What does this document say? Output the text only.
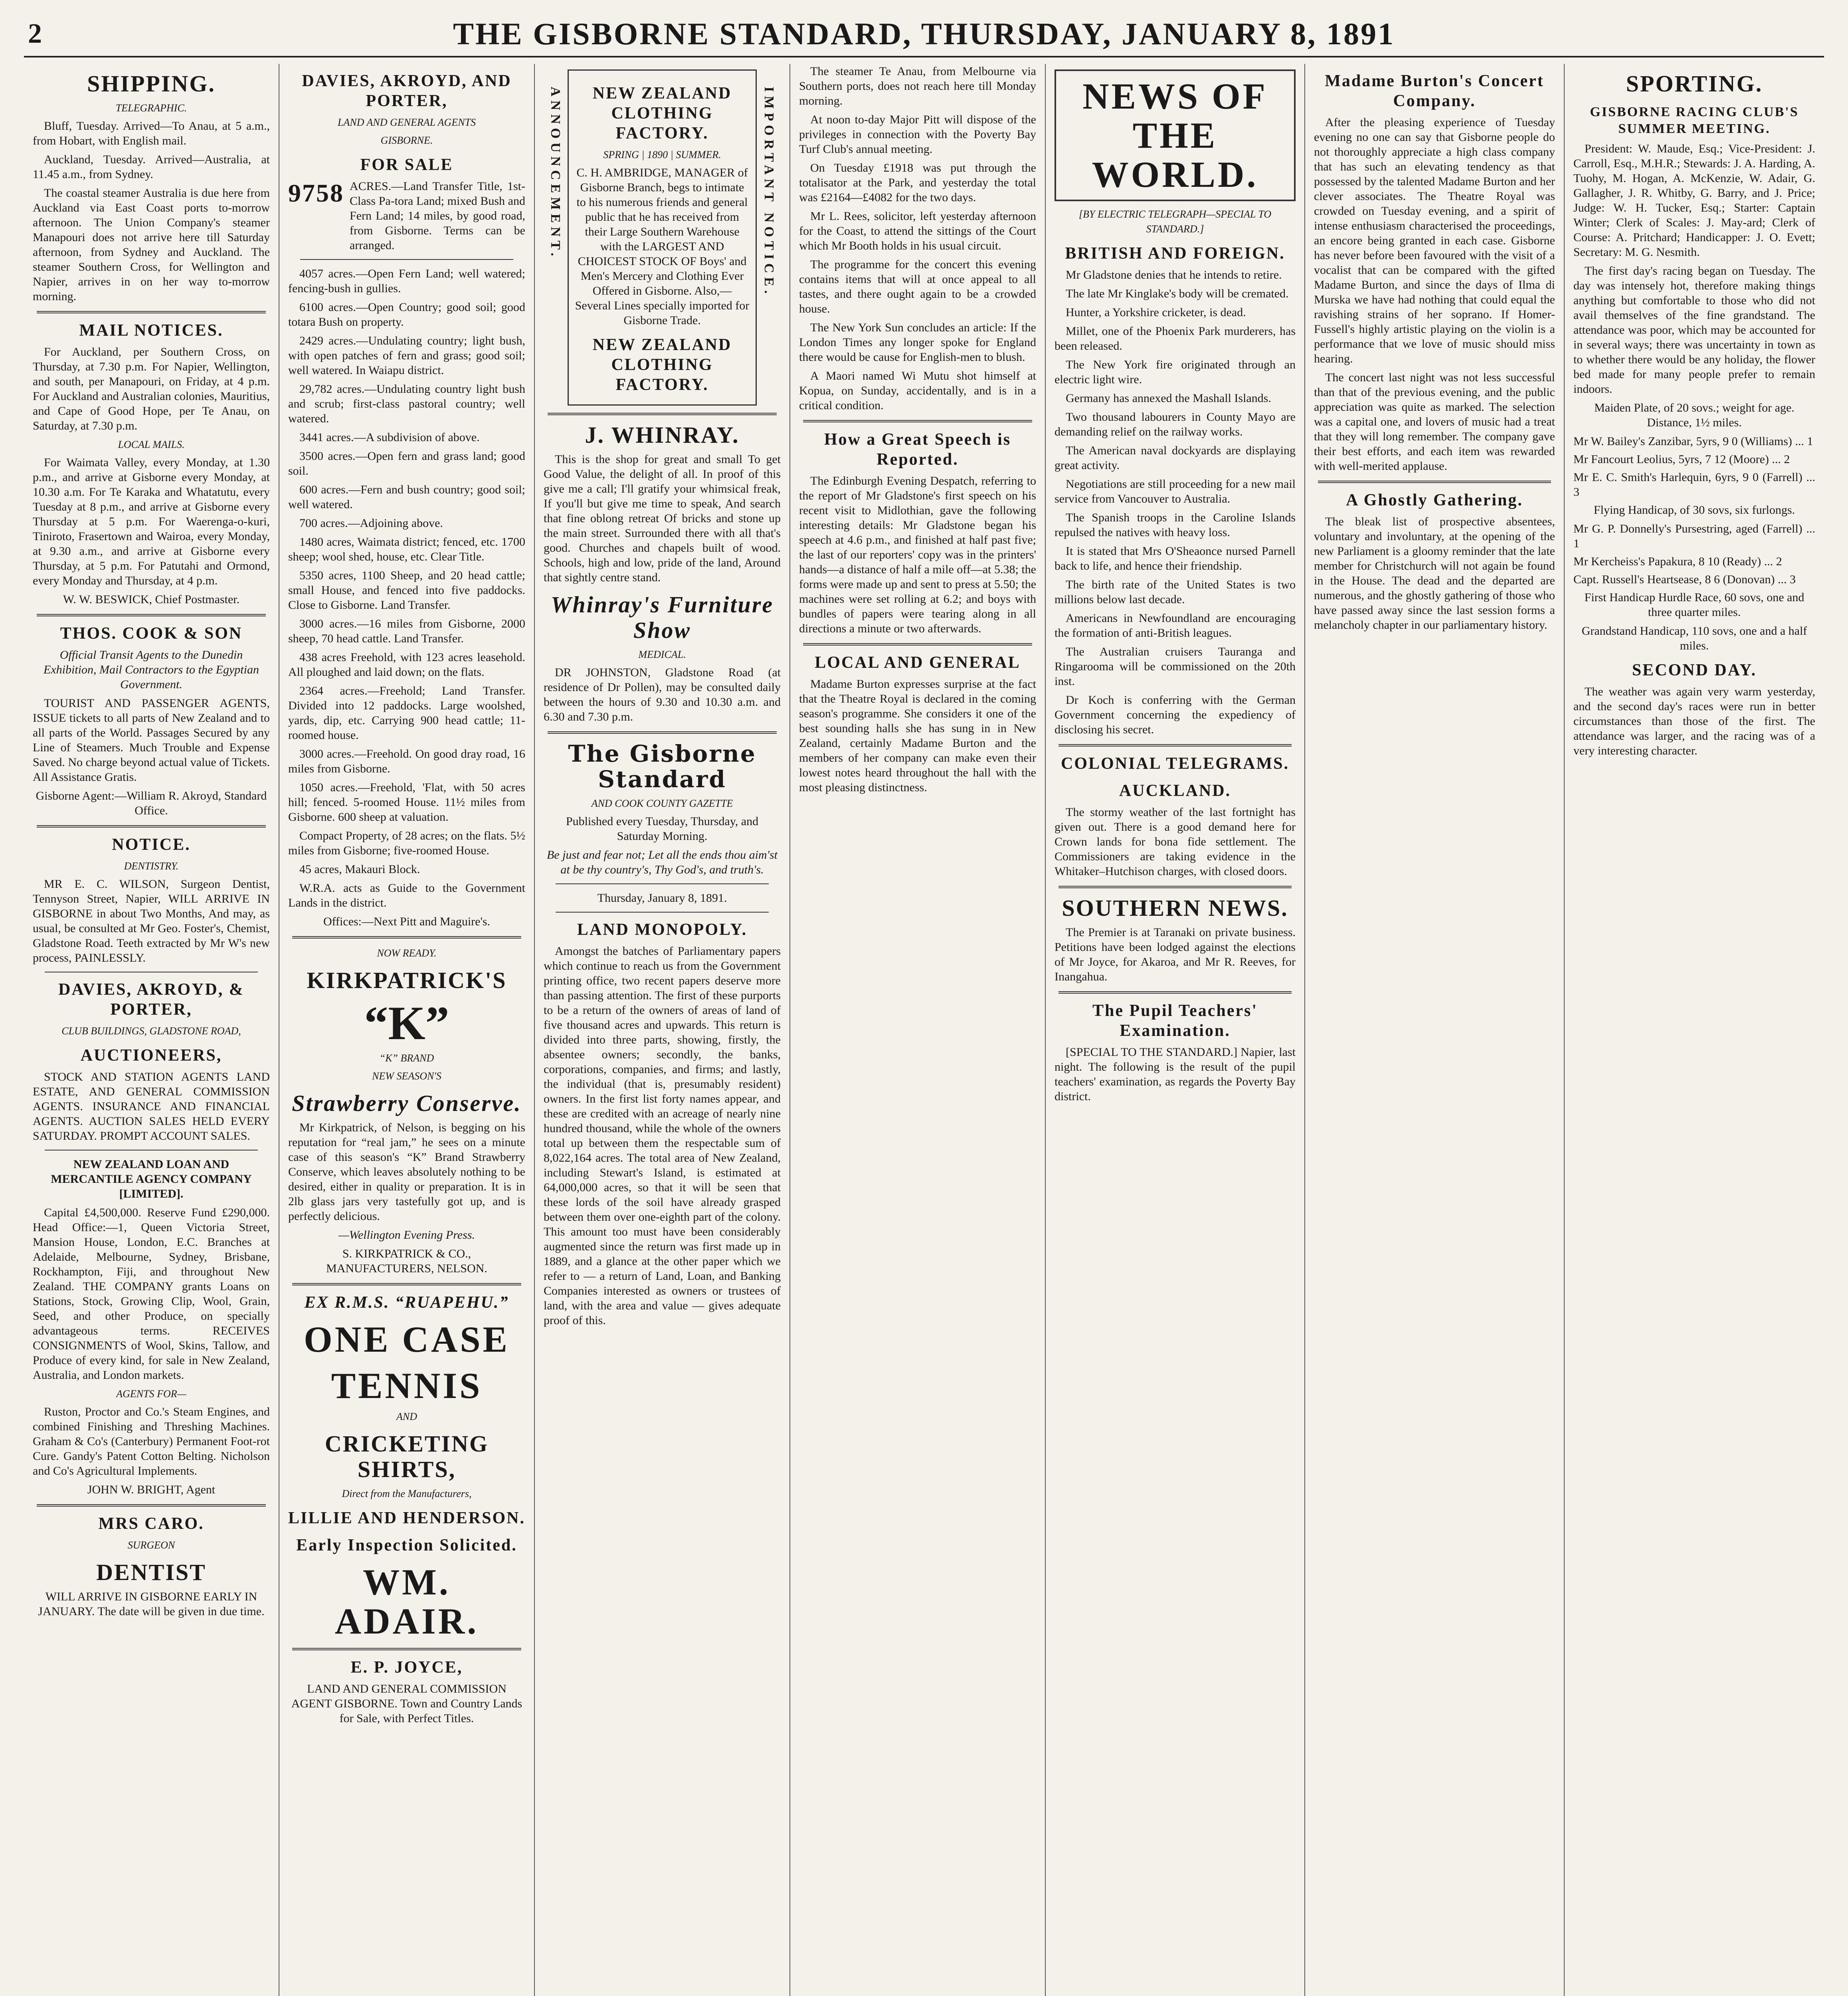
2	THE GISBORNE STANDARD, THURSDAY, JANUARY 8, 1891
SHIPPING.
TELEGRAPHIC.

Bluff, Tuesday. Arrived—To Anau, at 5 a.m., from Hobart, with English mail.

Auckland, Tuesday. Arrived—Australia, at 11.45 a.m., from Sydney.

The coastal steamer Australia is due here from Auckland via East Coast ports to-morrow afternoon. The Union Company's steamer Manapouri does not arrive here till Saturday afternoon, from Sydney and Auckland. The steamer Southern Cross, for Wellington and Napier, arrives in on her way to-morrow morning.

MAIL NOTICES.

For Auckland, per Southern Cross, on Thursday, at 7.30 p.m. For Napier, Wellington, and south, per Manapouri, on Friday, at 4 p.m. For Auckland and Australian colonies, Mauritius, and Cape of Good Hope, per Te Anau, on Saturday, at 7.30 p.m.

LOCAL MAILS.

For Waimata Valley, every Monday, at 1.30 p.m., and arrive at Gisborne every Monday, at 10.30 a.m. For Te Karaka and Whatatutu, every Tuesday at 8 p.m., and arrive at Gisborne every Thursday at 5 p.m. For Waerenga-o-kuri, Tiniroto, Frasertown and Wairoa, every Monday, at 9.30 a.m., and arrive at Gisborne every Thursday, at 5 p.m. For Patutahi and Ormond, every Monday and Thursday, at 4 p.m.

W. W. BESWICK, Chief Postmaster.

THOS. COOK & SON

Official Transit Agents to the Dunedin Exhibition, Mail Contractors to the Egyptian Government.

TOURIST AND PASSENGER AGENTS, ISSUE tickets to all parts of New Zealand and to all parts of the World. Passages Secured by any Line of Steamers. Much Trouble and Expense Saved. No charge beyond actual value of Tickets. All Assistance Gratis.

Gisborne Agent:—William R. Akroyd, Standard Office.

NOTICE.
DENTISTRY.

MR E. C. WILSON, Surgeon Dentist, Tennyson Street, Napier, WILL ARRIVE IN GISBORNE in about Two Months, And may, as usual, be consulted at Mr Geo. Foster's, Chemist, Gladstone Road. Teeth extracted by Mr W's new process, PAINLESSLY.

DAVIES, AKROYD, & PORTER,
CLUB BUILDINGS, GLADSTONE ROAD,
AUCTIONEERS,

STOCK AND STATION AGENTS LAND ESTATE, AND GENERAL COMMISSION AGENTS. INSURANCE AND FINANCIAL AGENTS. AUCTION SALES HELD EVERY SATURDAY. PROMPT ACCOUNT SALES.

NEW ZEALAND LOAN AND MERCANTILE AGENCY COMPANY [LIMITED].

Capital £4,500,000. Reserve Fund £290,000. Head Office:—1, Queen Victoria Street, Mansion House, London, E.C. Branches at Adelaide, Melbourne, Sydney, Brisbane, Rockhampton, Fiji, and throughout New Zealand. THE COMPANY grants Loans on Stations, Stock, Growing Clip, Wool, Grain, Seed, and other Produce, on specially advantageous terms. RECEIVES CONSIGNMENTS of Wool, Skins, Tallow, and Produce of every kind, for sale in New Zealand, Australia, and London markets.

AGENTS FOR—

Ruston, Proctor and Co.'s Steam Engines, and combined Finishing and Threshing Machines. Graham & Co's (Canterbury) Permanent Foot-rot Cure. Gandy's Patent Cotton Belting. Nicholson and Co's Agricultural Implements.

JOHN W. BRIGHT, Agent

MRS CARO.
SURGEON
DENTIST

WILL ARRIVE IN GISBORNE EARLY IN JANUARY. The date will be given in due time.

DAVIES, AKROYD, AND PORTER,
LAND AND GENERAL AGENTS
GISBORNE.
FOR SALE
9758 ACRES.—Land Transfer Title, 1st-Class Pa-tora Land; mixed Bush and Fern Land; 14 miles, by good road, from Gisborne. Terms can be arranged.

4057 acres.—Open Fern Land; well watered; fencing-bush in gullies.

6100 acres.—Open Country; good soil; good totara Bush on property.

2429 acres.—Undulating country; light bush, with open patches of fern and grass; good soil; well watered. In Waiapu district.

29,782 acres.—Undulating country light bush and scrub; first-class pastoral country; well watered.

3441 acres.—A subdivision of above.

3500 acres.—Open fern and grass land; good soil.

600 acres.—Fern and bush country; good soil; well watered.

700 acres.—Adjoining above.

1480 acres, Waimata district; fenced, etc. 1700 sheep; wool shed, house, etc. Clear Title.

5350 acres, 1100 Sheep, and 20 head cattle; small House, and fenced into five paddocks. Close to Gisborne. Land Transfer.

3000 acres.—16 miles from Gisborne, 2000 sheep, 70 head cattle. Land Transfer.

438 acres Freehold, with 123 acres leasehold. All ploughed and laid down; on the flats.

2364 acres.—Freehold; Land Transfer. Divided into 12 paddocks. Large woolshed, yards, dip, etc. Carrying 900 head cattle; 11-roomed house.

3000 acres.—Freehold. On good dray road, 16 miles from Gisborne.

1050 acres.—Freehold, 'Flat, with 50 acres hill; fenced. 5-roomed House. 11½ miles from Gisborne. 600 sheep at valuation.

Compact Property, of 28 acres; on the flats. 5½ miles from Gisborne; five-roomed House.

45 acres, Makauri Block.

W.R.A. acts as Guide to the Government Lands in the district.

Offices:—Next Pitt and Maguire's.

NOW READY.
KIRKPATRICK'S
“K”
“K” BRAND
NEW SEASON'S
Strawberry Conserve.

Mr Kirkpatrick, of Nelson, is begging on his reputation for “real jam,” he sees on a minute case of this season's “K” Brand Strawberry Conserve, which leaves absolutely nothing to be desired, either in quality or preparation. It is in 2lb glass jars very tastefully got up, and is perfectly delicious.

—Wellington Evening Press.

S. KIRKPATRICK & CO., MANUFACTURERS, NELSON.

EX R.M.S. “RUAPEHU.”
ONE CASE
TENNIS
AND
CRICKETING SHIRTS,
Direct from the Manufacturers,
LILLIE AND HENDERSON.
Early Inspection Solicited.
WM. ADAIR.
E. P. JOYCE,

LAND AND GENERAL COMMISSION AGENT GISBORNE. Town and Country Lands for Sale, with Perfect Titles.

ANNOUNCEMENT.	IMPORTANT NOTICE.
NEW ZEALAND CLOTHING FACTORY.
SPRING | 1890 | SUMMER.

C. H. AMBRIDGE, MANAGER of Gisborne Branch, begs to intimate to his numerous friends and general public that he has received from their Large Southern Warehouse with the LARGEST AND CHOICEST STOCK OF Boys' and Men's Mercery and Clothing Ever Offered in Gisborne. Also,— Several Lines specially imported for Gisborne Trade.

NEW ZEALAND CLOTHING FACTORY.
J. WHINRAY.

This is the shop for great and small To get Good Value, the delight of all. In proof of this give me a call; I'll gratify your whimsical freak, If you'll but give me time to speak, And search that fine oblong retreat Of bricks and stone up the main street. Surrounded there with all that's good. Churches and chapels built of wood. Schools, high and low, pride of the land, Around that sightly centre stand.

Whinray's Furniture Show
MEDICAL.

DR JOHNSTON, Gladstone Road (at residence of Dr Pollen), may be consulted daily between the hours of 9.30 and 10.30 a.m. and 6.30 and 7.30 p.m.

The Gisborne Standard
AND COOK COUNTY GAZETTE

Published every Tuesday, Thursday, and Saturday Morning.

Be just and fear not; Let all the ends thou aim'st at be thy country's, Thy God's, and truth's.

Thursday, January 8, 1891.

LAND MONOPOLY.

Amongst the batches of Parliamentary papers which continue to reach us from the Government printing office, two recent papers deserve more than passing attention. The first of these purports to be a return of the owners of areas of land of five thousand acres and upwards. This return is divided into three parts, showing, firstly, the absentee owners; secondly, the banks, corporations, companies, and firms; and lastly, the individual (that is, presumably resident) owners. In the first list forty names appear, and these are credited with an acreage of nearly nine hundred thousand, while the whole of the owners total up between them the respectable sum of 8,022,164 acres. The total area of New Zealand, including Stewart's Island, is estimated at 64,000,000 acres, so that it will be seen that these lords of the soil have already grasped between them over one-eighth part of the colony. This amount too must have been considerably augmented since the return was first made up in 1889, and a glance at the other paper which we refer to — a return of Land, Loan, and Banking Companies interested as owners or trustees of land, with the area and value — gives adequate proof of this.

The steamer Te Anau, from Melbourne via Southern ports, does not reach here till Monday morning.

At noon to-day Major Pitt will dispose of the privileges in connection with the Poverty Bay Turf Club's annual meeting.

On Tuesday £1918 was put through the totalisator at the Park, and yesterday the total was £2164—£4082 for the two days.

Mr L. Rees, solicitor, left yesterday afternoon for the Coast, to attend the sittings of the Court which Mr Booth holds in his usual circuit.

The programme for the concert this evening contains items that will at once appeal to all tastes, and there ought again to be a crowded house.

The New York Sun concludes an article: If the London Times any longer spoke for England there would be cause for English-men to blush.

A Maori named Wi Mutu shot himself at Kopua, on Sunday, accidentally, and is in a critical condition.

How a Great Speech is Reported.

The Edinburgh Evening Despatch, referring to the report of Mr Gladstone's first speech on his recent visit to Midlothian, gave the following interesting details: Mr Gladstone began his speech at 4.6 p.m., and finished at half past five; the last of our reporters' copy was in the printers' hands—a distance of half a mile off—at 5.38; the forms were made up and sent to press at 5.50; the machines were set rolling at 6.2; and boys with bundles of papers were tearing along in all directions a minute or two afterwards.

LOCAL AND GENERAL

Madame Burton expresses surprise at the fact that the Theatre Royal is declared in the coming season's programme. She considers it one of the best sounding halls she has sung in in New Zealand, certainly Madame Burton and the members of her company can make even their lowest notes heard throughout the hall with the most pleasing distinctness.

NEWS OF THE WORLD.
[BY ELECTRIC TELEGRAPH—SPECIAL TO STANDARD.]
BRITISH AND FOREIGN.

Mr Gladstone denies that he intends to retire.

The late Mr Kinglake's body will be cremated.

Hunter, a Yorkshire cricketer, is dead.

Millet, one of the Phoenix Park murderers, has been released.

The New York fire originated through an electric light wire.

Germany has annexed the Mashall Islands.

Two thousand labourers in County Mayo are demanding relief on the railway works.

The American naval dockyards are displaying great activity.

Negotiations are still proceeding for a new mail service from Vancouver to Australia.

The Spanish troops in the Caroline Islands repulsed the natives with heavy loss.

It is stated that Mrs O'Sheaonce nursed Parnell back to life, and hence their friendship.

The birth rate of the United States is two millions below last decade.

Americans in Newfoundland are encouraging the formation of anti-British leagues.

The Australian cruisers Tauranga and Ringarooma will be commissioned on the 20th inst.

Dr Koch is conferring with the German Government concerning the expediency of disclosing his secret.

COLONIAL TELEGRAMS.
AUCKLAND.

The stormy weather of the last fortnight has given out. There is a good demand here for Crown lands for bona fide settlement. The Commissioners are taking evidence in the Whitaker–Hutchison charges, with closed doors.

SOUTHERN NEWS.

The Premier is at Taranaki on private business. Petitions have been lodged against the elections of Mr Joyce, for Akaroa, and Mr R. Reeves, for Inangahua.

The Pupil Teachers' Examination.

[SPECIAL TO THE STANDARD.] Napier, last night. The following is the result of the pupil teachers' examination, as regards the Poverty Bay district.

Madame Burton's Concert Company.

After the pleasing experience of Tuesday evening no one can say that Gisborne people do not thoroughly appreciate a high class company that has such an elevating tendency as that possessed by the talented Madame Burton and her clever associates. The Theatre Royal was crowded on Tuesday evening, and a spirit of intense enthusiasm characterised the proceedings, an encore being granted in each case. Gisborne has never before been favoured with the visit of a vocalist that can be compared with the gifted Madame Burton, and since the days of Ilma di Murska we have had nothing that could equal the ravishing strains of her soprano. If Homer-Fussell's highly artistic playing on the violin is a performance that we love of music should miss hearing.

The concert last night was not less successful than that of the previous evening, and the public appreciation was quite as marked. The selection was a capital one, and lovers of music had a treat that they will long remember. The company gave their best efforts, and each item was rewarded with well-merited applause.

A Ghostly Gathering.

The bleak list of prospective absentees, voluntary and involuntary, at the opening of the new Parliament is a gloomy reminder that the late member for Christchurch will not again be found in the House. The dead and the departed are numerous, and the ghostly gathering of those who have passed away since the last session forms a melancholy chapter in our parliamentary history.

SPORTING.
GISBORNE RACING CLUB'S SUMMER MEETING.

President: W. Maude, Esq.; Vice-President: J. Carroll, Esq., M.H.R.; Stewards: J. A. Harding, A. Tuohy, M. Hogan, A. McKenzie, W. Adair, G. Gallagher, J. R. Whitby, G. Barry, and J. Price; Judge: W. H. Tucker, Esq.; Starter: Captain Winter; Clerk of Scales: J. May-ard; Clerk of Course: A. Pritchard; Handicapper: J. O. Evett; Secretary: M. G. Nesmith.

The first day's racing began on Tuesday. The day was intensely hot, therefore making things anything but comfortable to those who did not avail themselves of the fine grandstand. The attendance was poor, which may be accounted for in several ways; there was uncertainty in town as to whether there would be any holiday, the flower bed made for many people prefer to remain indoors.

Maiden Plate, of 20 sovs.; weight for age. Distance, 1½ miles.

Mr W. Bailey's Zanzibar, 5yrs, 9 0 (Williams) ... 1

Mr Fancourt Leolius, 5yrs, 7 12 (Moore) ... 2

Mr E. C. Smith's Harlequin, 6yrs, 9 0 (Farrell) ... 3

Flying Handicap, of 30 sovs, six furlongs.

Mr G. P. Donnelly's Pursestring, aged (Farrell) ... 1

Mr Kercheiss's Papakura, 8 10 (Ready) ... 2

Capt. Russell's Heartsease, 8 6 (Donovan) ... 3

First Handicap Hurdle Race, 60 sovs, one and three quarter miles.

Grandstand Handicap, 110 sovs, one and a half miles.

SECOND DAY.

The weather was again very warm yesterday, and the second day's races were run in better circumstances than those of the first. The attendance was larger, and the racing was of a very interesting character.
